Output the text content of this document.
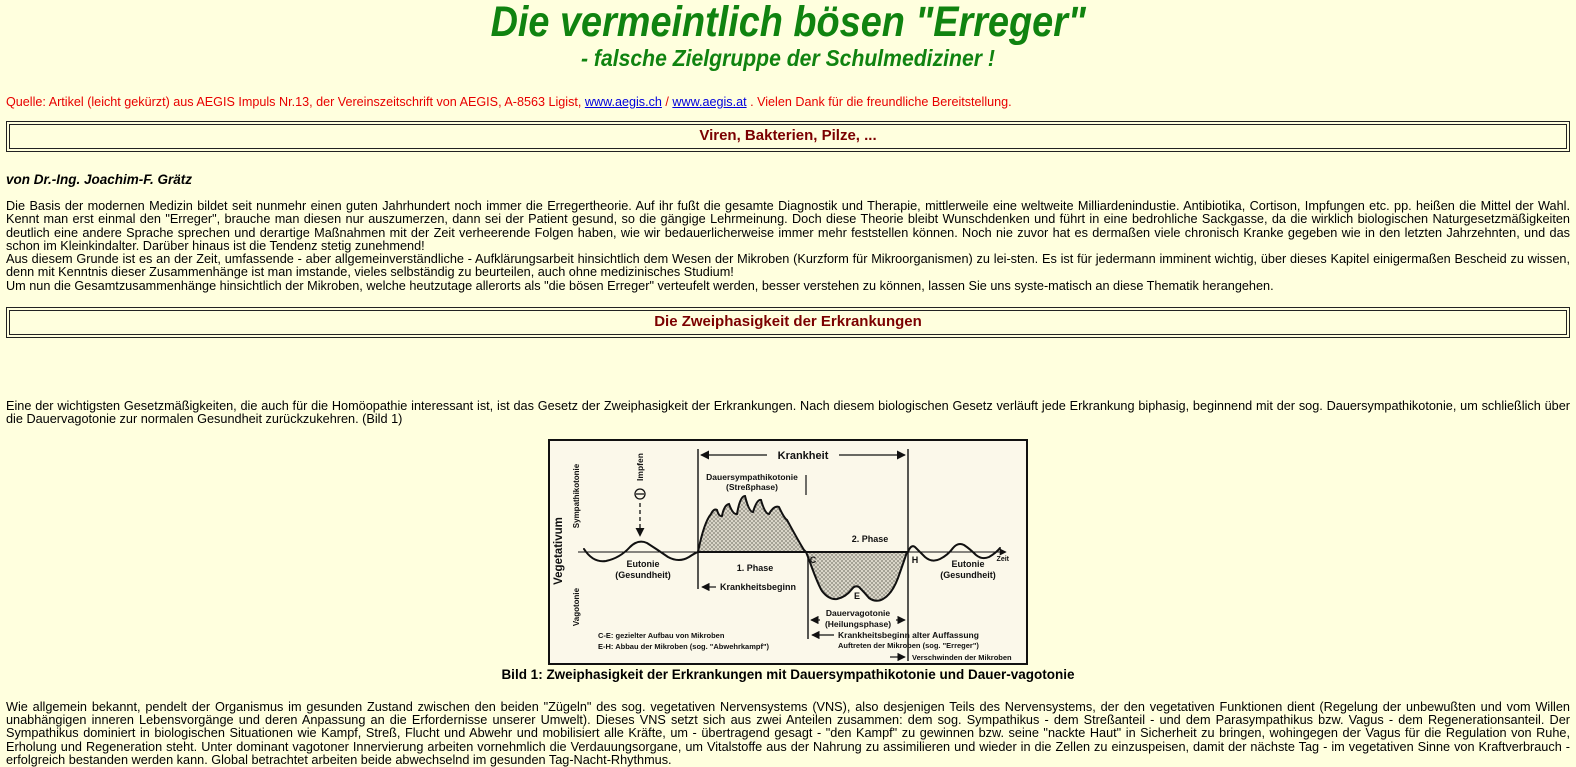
Die vermeintlich bösen "Erreger"
- falsche Zielgruppe der Schulmediziner !

Quelle: Artikel (leicht gekürzt) aus AEGIS Impuls Nr.13, der Vereinszeitschrift von AEGIS, A-8563 Ligist, www.aegis.ch / www.aegis.at . Vielen Dank für die freundliche Bereitstellung.

Viren, Bakterien, Pilze, ...

von Dr.-Ing. Joachim-F. Grätz

Die Basis der modernen Medizin bildet seit nunmehr einen guten Jahrhundert noch immer die Erregertheorie. Auf ihr fußt die gesamte Diagnostik und Therapie, mittlerweile eine weltweite Milliardenindustie. Antibiotika, Cortison, Impfungen etc. pp. heißen die Mittel der Wahl. Kennt man erst einmal den "Erreger", brauche man diesen nur auszumerzen, dann sei der Patient gesund, so die gängige Lehrmeinung. Doch diese Theorie bleibt Wunschdenken und führt in eine bedrohliche Sackgasse, da die wirklich biologischen Naturgesetzmäßigkeiten deutlich eine andere Sprache sprechen und derartige Maßnahmen mit der Zeit verheerende Folgen haben, wie wir bedauerlicherweise immer mehr feststellen können. Noch nie zuvor hat es dermaßen viele chronisch Kranke gegeben wie in den letzten Jahrzehnten, und das schon im Kleinkindalter. Darüber hinaus ist die Tendenz stetig zunehmend!
Aus diesem Grunde ist es an der Zeit, umfassende - aber allgemeinverständliche - Aufklärungsarbeit hinsichtlich dem Wesen der Mikroben (Kurzform für Mikroorganismen) zu lei-sten. Es ist für jedermann imminent wichtig, über dieses Kapitel einigermaßen Bescheid zu wissen, denn mit Kenntnis dieser Zusammenhänge ist man imstande, vieles selbständig zu beurteilen, auch ohne medizinisches Studium!
Um nun die Gesamtzusammenhänge hinsichtlich der Mikroben, welche heutzutage allerorts als "die bösen Erreger" verteufelt werden, besser verstehen zu können, lassen Sie uns syste-matisch an diese Thematik herangehen.
Die Zweiphasigkeit der Erkrankungen
Eine der wichtigsten Gesetzmäßigkeiten, die auch für die Homöopathie interessant ist, ist das Gesetz der Zweiphasigkeit der Erkrankungen. Nach diesem biologischen Gesetz verläuft jede Erkrankung biphasig, beginnend mit der sog. Dauersympathikotonie, um schließlich über die Dauervagotonie zur normalen Gesundheit zurückzukehren. (Bild 1)
Krankheit
Dauersympathikotonie
(Streßphase)
Vegetativum
Sympathikotonie
Vagotonie
Impfen
Zeit
Eutonie
(Gesundheit)
1. Phase
Krankheitsbeginn
2. Phase
C
E
H	Eutonie
(Gesundheit)
Dauervagotonie
(Heilungsphase)
Krankheitsbeginn alter Auffassung
Auftreten der Mikroben (sog. "Erreger")
C-E: gezielter Aufbau von Mikroben
E-H: Abbau der Mikroben (sog. "Abwehrkampf")
Verschwinden der Mikroben
Bild 1: Zweiphasigkeit der Erkrankungen mit Dauersympathikotonie und Dauer-vagotonie
Wie allgemein bekannt, pendelt der Organismus im gesunden Zustand zwischen den beiden "Zügeln" des sog. vegetativen Nervensystems (VNS), also desjenigen Teils des Nervensystems, der den vegetativen Funktionen dient (Regelung der unbewußten und vom Willen unabhängigen inneren Lebensvorgänge und deren Anpassung an die Erfordernisse unserer Umwelt). Dieses VNS setzt sich aus zwei Anteilen zusammen: dem sog. Sympathikus - dem Streßanteil - und dem Parasympathikus bzw. Vagus - dem Regenerationsanteil. Der Sympathikus dominiert in biologischen Situationen wie Kampf, Streß, Flucht und Abwehr und mobilisiert alle Kräfte, um - übertragend gesagt - "den Kampf" zu gewinnen bzw. seine "nackte Haut" in Sicherheit zu bringen, wohingegen der Vagus für die Regulation von Ruhe, Erholung und Regeneration steht. Unter dominant vagotoner Innervierung arbeiten vornehmlich die Verdauungsorgane, um Vitalstoffe aus der Nahrung zu assimilieren und wieder in die Zellen zu einzuspeisen, damit der nächste Tag - im vegetativen Sinne von Kraftverbrauch - erfolgreich bestanden werden kann. Global betrachtet arbeiten beide abwechselnd im gesunden Tag-Nacht-Rhythmus.
